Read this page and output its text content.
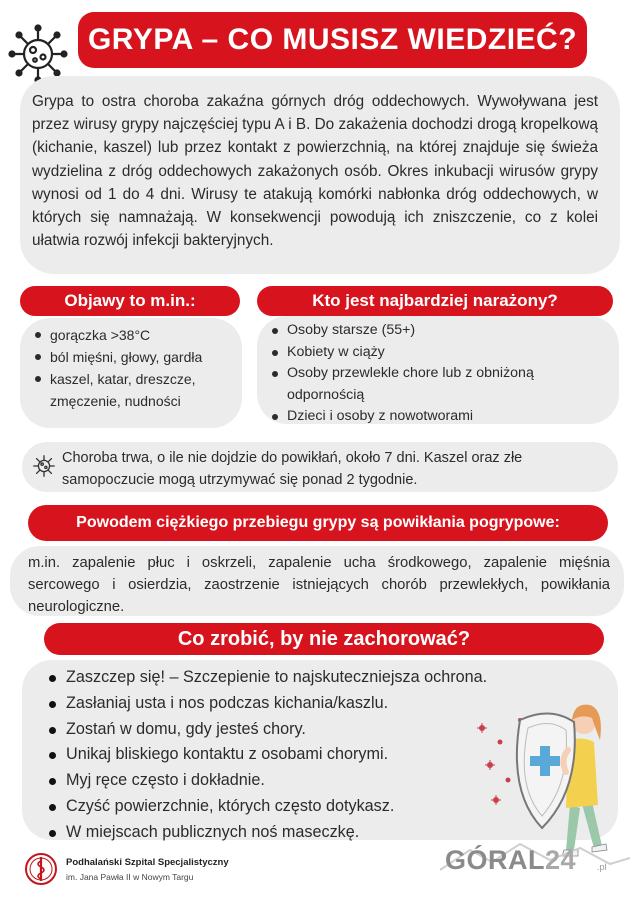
GRYPA – CO MUSISZ WIEDZIEĆ?

Grypa to ostra choroba zakaźna górnych dróg oddechowych. Wywoływana jest przez wirusy grypy najczęściej typu A i B. Do zakażenia dochodzi drogą kropelkową (kichanie, kaszel) lub przez kontakt z powierzchnią, na której znajduje się świeża wydzielina z dróg oddechowych zakażonych osób. Okres inkubacji wirusów grypy wynosi od 1 do 4 dni. Wirusy te atakują komórki nabłonka dróg oddechowych, w których się namnażają. W konsekwencji powodują ich zniszczenie, co z kolei ułatwia rozwój infekcji bakteryjnych.

Objawy to m.in.:	Kto jest najbardziej narażony?
gorączka >38°C
ból mięśni, głowy, gardła
kaszel, katar, dreszcze, zmęczenie, nudności
Osoby starsze (55+)
Kobiety w ciąży
Osoby przewlekle chore lub z obniżoną odpornością
Dzieci i osoby z nowotworami

Choroba trwa, o ile nie dojdzie do powikłań, około 7 dni. Kaszel oraz złe samopoczucie mogą utrzymywać się ponad 2 tygodnie.

Powodem ciężkiego przebiegu grypy są powikłania pogrypowe:

m.in. zapalenie płuc i oskrzeli, zapalenie ucha środkowego, zapalenie mięśnia sercowego i osierdzia, zaostrzenie istniejących chorób przewlekłych, powikłania neurologiczne.

Co zrobić, by nie zachorować?
Zaszczep się! – Szczepienie to najskuteczniejsza ochrona.
Zasłaniaj usta i nos podczas kichania/kaszlu.
Zostań w domu, gdy jesteś chory.
Unikaj bliskiego kontaktu z osobami chorymi.
Myj ręce często i dokładnie.
Czyść powierzchnie, których często dotykasz.
W miejscach publicznych noś maseczkę.
Podhalański Szpital Specjalistyczny
im. Jana Pawła II w Nowym Targu
GÓRAL24 .pl
